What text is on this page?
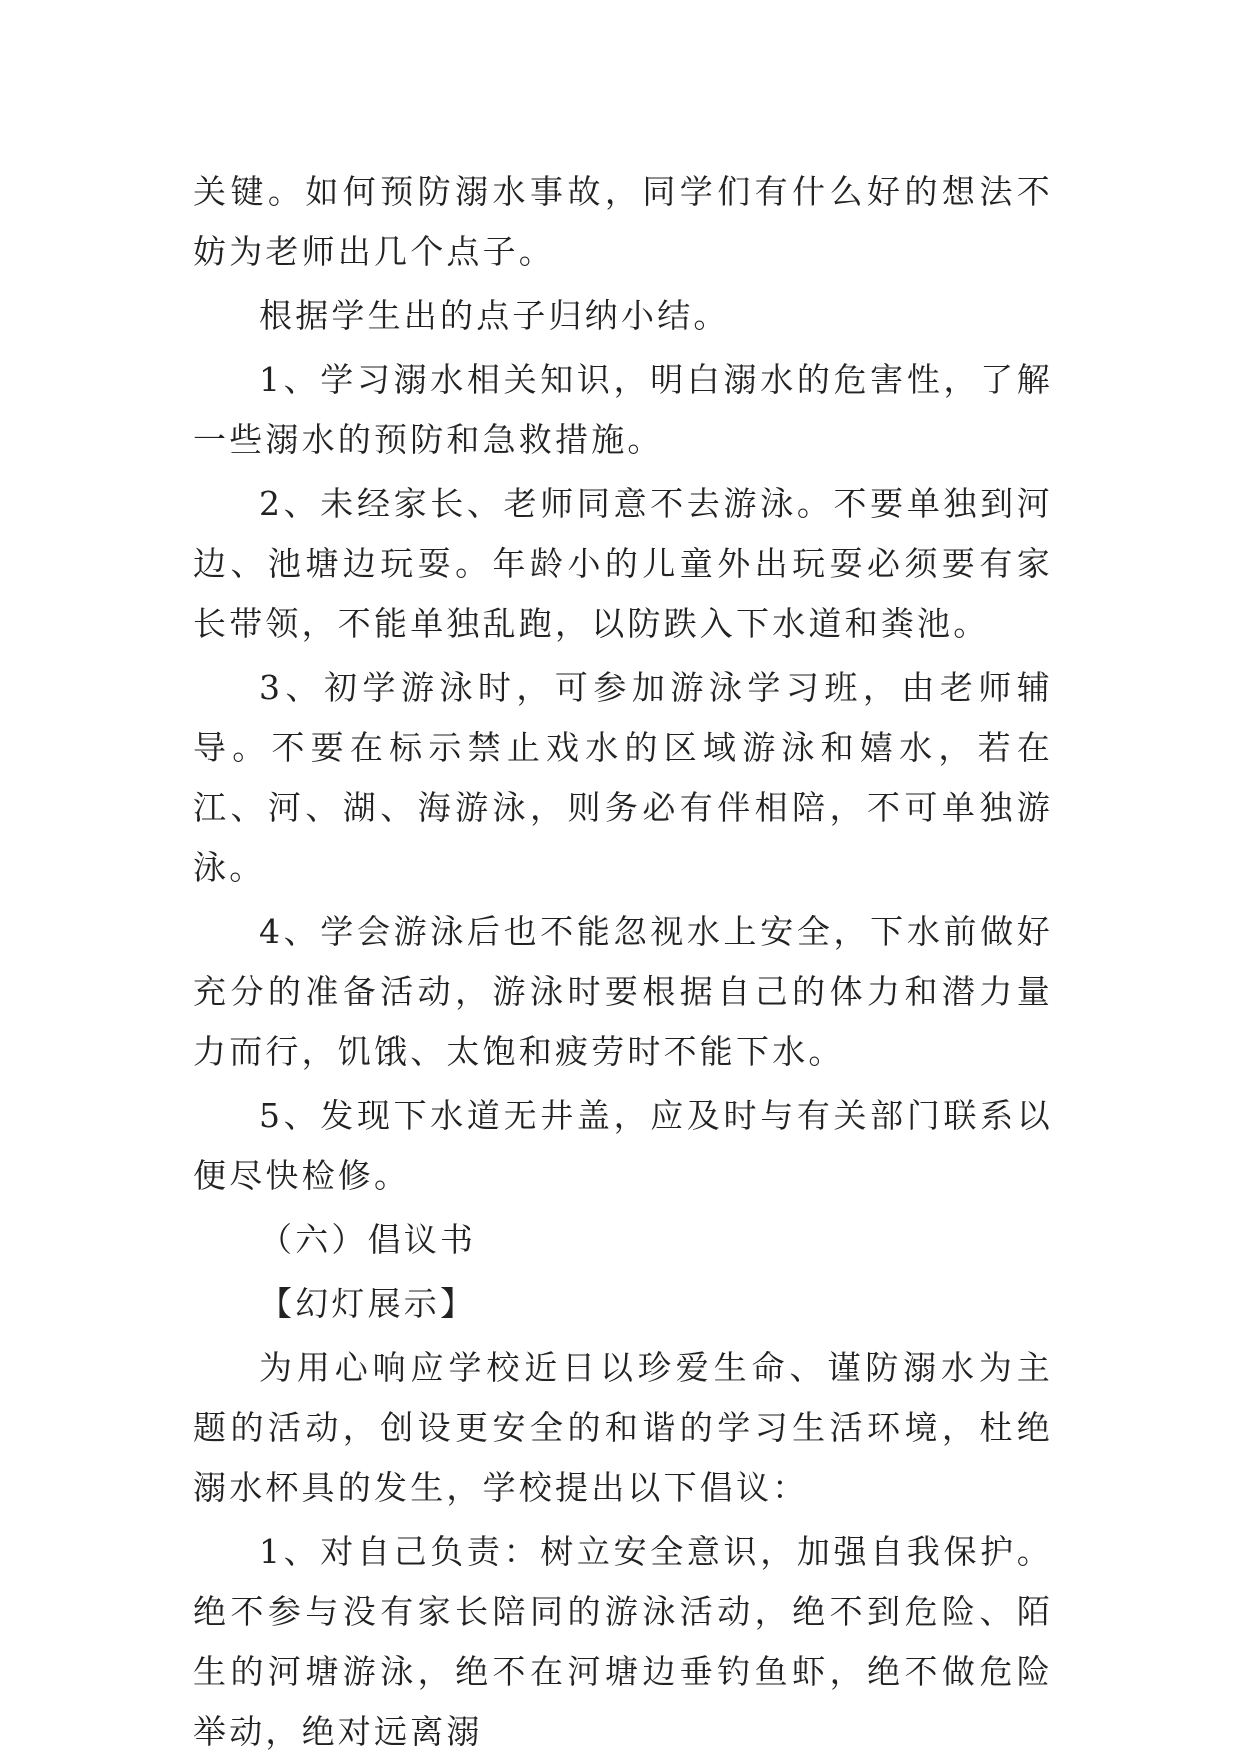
关键。如何预防溺水事故，同学们有什么好的想法不妨为老师出几个点子。

根据学生出的点子归纳小结。

1、学习溺水相关知识，明白溺水的危害性，了解一些溺水的预防和急救措施。

2、未经家长、老师同意不去游泳。不要单独到河边、池塘边玩耍。年龄小的儿童外出玩耍必须要有家长带领，不能单独乱跑，以防跌入下水道和粪池。

3、初学游泳时，可参加游泳学习班，由老师辅导。不要在标示禁止戏水的区域游泳和嬉水，若在江、河、湖、海游泳，则务必有伴相陪，不可单独游泳。

4、学会游泳后也不能忽视水上安全，下水前做好充分的准备活动，游泳时要根据自己的体力和潜力量力而行，饥饿、太饱和疲劳时不能下水。

5、发现下水道无井盖，应及时与有关部门联系以便尽快检修。

（六）倡议书

【幻灯展示】

为用心响应学校近日以珍爱生命、谨防溺水为主题的活动，创设更安全的和谐的学习生活环境，杜绝溺水杯具的发生，学校提出以下倡议：

1、对自己负责：树立安全意识，加强自我保护。绝不参与没有家长陪同的游泳活动，绝不到危险、陌生的河塘游泳，绝不在河塘边垂钓鱼虾，绝不做危险举动，绝对远离溺
